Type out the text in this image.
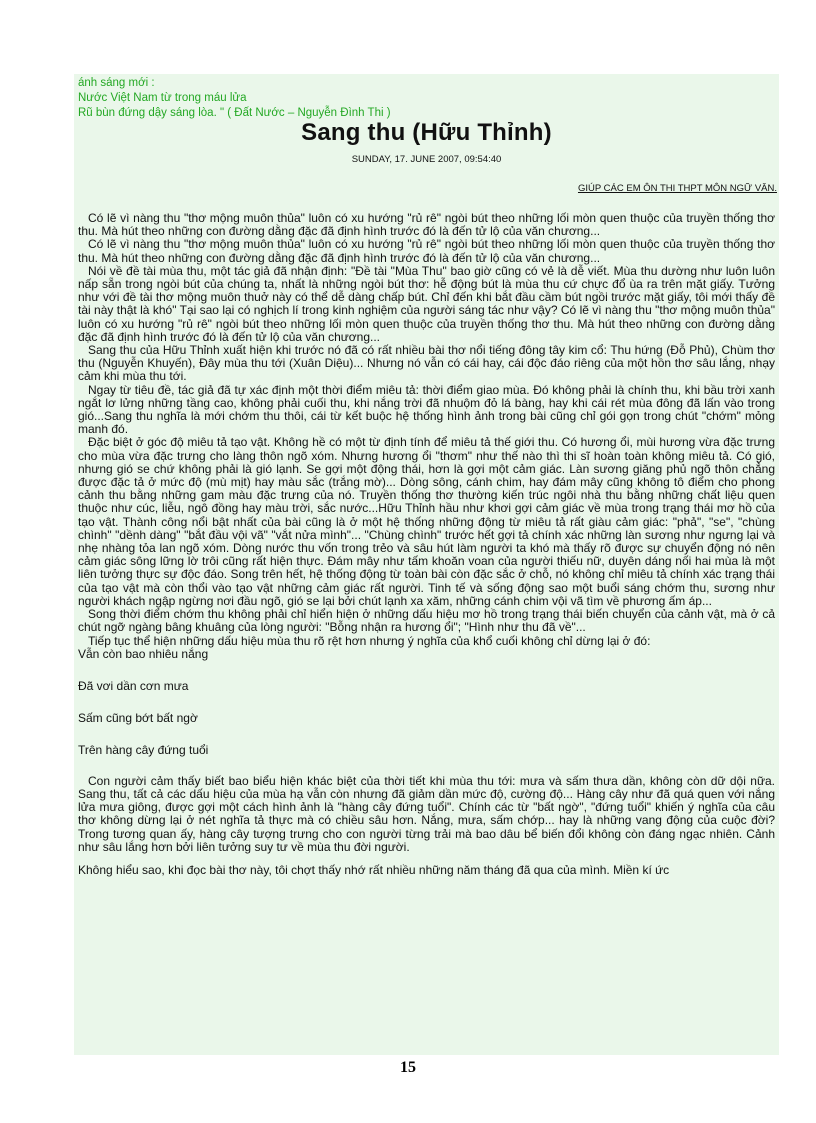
ánh sáng mới :
Nước Việt Nam từ trong máu lửa
Rũ bùn đứng dậy sáng lòa. " ( Đất Nước – Nguyễn Đình Thi )
Sang thu (Hữu Thỉnh)
SUNDAY, 17. JUNE 2007, 09:54:40
GIÚP CÁC EM ÔN THI THPT MÔN NGỮ VĂN.

Có lẽ vì nàng thu "thơ mộng muôn thủa" luôn có xu hướng "rủ rê" ngòi bút theo những lối mòn quen thuộc của truyền thống thơ thu. Mà hút theo những con đường dằng đặc đã định hình trước đó là đến tử lộ của văn chương...

Có lẽ vì nàng thu "thơ mộng muôn thủa" luôn có xu hướng "rủ rê" ngòi bút theo những lối mòn quen thuộc của truyền thống thơ thu. Mà hút theo những con đường dằng đặc đã định hình trước đó là đến tử lộ của văn chương...

Nói về đề tài mùa thu, một tác giả đã nhận định: "Đề tài "Mùa Thu" bao giờ cũng có vẻ là dễ viết. Mùa thu dường như luôn luôn nấp sẵn trong ngòi bút của chúng ta, nhất là những ngòi bút thơ: hễ động bút là mùa thu cứ chực đổ ùa ra trên mặt giấy. Tưởng như với đề tài thơ mộng muôn thuở này có thể dễ dàng chấp bút. Chỉ đến khi bắt đầu cầm bút ngồi trước mặt giấy, tôi mới thấy đề tài này thật là khó" Tại sao lại có nghịch lí trong kinh nghiệm của người sáng tác như vậy? Có lẽ vì nàng thu "thơ mộng muôn thủa" luôn có xu hướng "rủ rê" ngòi bút theo những lối mòn quen thuộc của truyền thống thơ thu. Mà hút theo những con đường dằng đặc đã định hình trước đó là đến tử lộ của văn chương...

Sang thu của Hữu Thỉnh xuất hiện khi trước nó đã có rất nhiều bài thơ nổi tiếng đông tây kim cổ: Thu hứng (Đỗ Phủ), Chùm thơ thu (Nguyễn Khuyến), Đây mùa thu tới (Xuân Diệu)... Nhưng nó vẫn có cái hay, cái độc đáo riêng của một hồn thơ sâu lắng, nhạy cảm khi mùa thu tới.

Ngay từ tiêu đề, tác giả đã tự xác định một thời điểm miêu tả: thời điểm giao mùa. Đó không phải là chính thu, khi bầu trời xanh ngắt lơ lửng những tầng cao, không phải cuối thu, khi nắng trời đã nhuộm đỏ lá bàng, hay khi cái rét mùa đông đã lấn vào trong gió...Sang thu nghĩa là mới chớm thu thôi, cái từ kết buộc hệ thống hình ảnh trong bài cũng chỉ gói gọn trong chút "chớm" mỏng manh đó.

Đặc biệt ở góc độ miêu tả tạo vật. Không hề có một từ định tính để miêu tả thế giới thu. Có hương ổi, mùi hương vừa đặc trưng cho mùa vừa đặc trưng cho làng thôn ngõ xóm. Nhưng hương ổi "thơm" như thế nào thì thi sĩ hoàn toàn không miêu tả. Có gió, nhưng gió se chứ không phải là gió lạnh. Se gợi một động thái, hơn là gợi một cảm giác. Làn sương giăng phủ ngõ thôn chẳng được đặc tả ở mức độ (mù mịt) hay màu sắc (trắng mờ)... Dòng sông, cánh chim, hay đám mây cũng không tô điểm cho phong cảnh thu bằng những gam màu đặc trưng của nó. Truyền thống thơ thường kiến trúc ngôi nhà thu bằng những chất liệu quen thuộc như cúc, liễu, ngô đồng hay màu trời, sắc nước...Hữu Thỉnh hầu như khơi gợi cảm giác về mùa trong trạng thái mơ hồ của tạo vật. Thành công nổi bật nhất của bài cũng là ở một hệ thống những động từ miêu tả rất giàu cảm giác: "phả", "se", "chùng chình" "dềnh dàng" "bắt đầu vội vã" "vắt nửa mình"... "Chùng chình" trước hết gợi tả chính xác những làn sương như ngưng lại và nhẹ nhàng tỏa lan ngõ xóm. Dòng nước thu vốn trong trẻo và sâu hút làm người ta khó mà thấy rõ được sự chuyển động nó nên cảm giác sông lững lờ trôi cũng rất hiện thực. Đám mây như tấm khoăn voan của người thiếu nữ, duyên dáng nối hai mùa là một liên tưởng thực sự độc đáo. Song trên hết, hệ thống động từ toàn bài còn đặc sắc ở chỗ, nó không chỉ miêu tả chính xác trạng thái của tạo vật mà còn thổi vào tạo vật những cảm giác rất người. Tinh tế và sống động sao một buổi sáng chớm thu, sương như người khách ngập ngừng nơi đầu ngõ, gió se lại bởi chút lạnh xa xăm, những cánh chim vội vã tìm về phương ấm áp...

Song thời điểm chớm thu không phải chỉ hiển hiện ở những dấu hiệu mơ hồ trong trạng thái biến chuyển của cảnh vật, mà ở cả chút ngỡ ngàng bâng khuâng của lòng người: "Bỗng nhận ra hương ổi"; "Hình như thu đã về"...

Tiếp tục thể hiện những dấu hiệu mùa thu rõ rệt hơn nhưng ý nghĩa của khổ cuối không chỉ dừng lại ở đó:

Vẫn còn bao nhiêu nắng

Đã vơi dần cơn mưa

Sấm cũng bớt bất ngờ

Trên hàng cây đứng tuổi

Con người cảm thấy biết bao biểu hiện khác biệt của thời tiết khi mùa thu tới: mưa và sấm thưa dần, không còn dữ dội nữa. Sang thu, tất cả các dấu hiệu của mùa hạ vẫn còn nhưng đã giảm dần mức độ, cường độ... Hàng cây như đã quá quen với nắng lửa mưa giông, được gợi một cách hình ảnh là "hàng cây đứng tuổi". Chính các từ "bất ngờ", "đứng tuổi" khiến ý nghĩa của câu thơ không dừng lại ở nét nghĩa tả thực mà có chiều sâu hơn. Nắng, mưa, sấm chớp... hay là những vang động của cuộc đời? Trong tương quan ấy, hàng cây tượng trưng cho con người từng trải mà bao dâu bể biến đổi không còn đáng ngạc nhiên. Cảnh như sâu lắng hơn bởi liên tưởng suy tư về mùa thu đời người.

Không hiểu sao, khi đọc bài thơ này, tôi chợt thấy nhớ rất nhiều những năm tháng đã qua của mình. Miền kí ức

15
